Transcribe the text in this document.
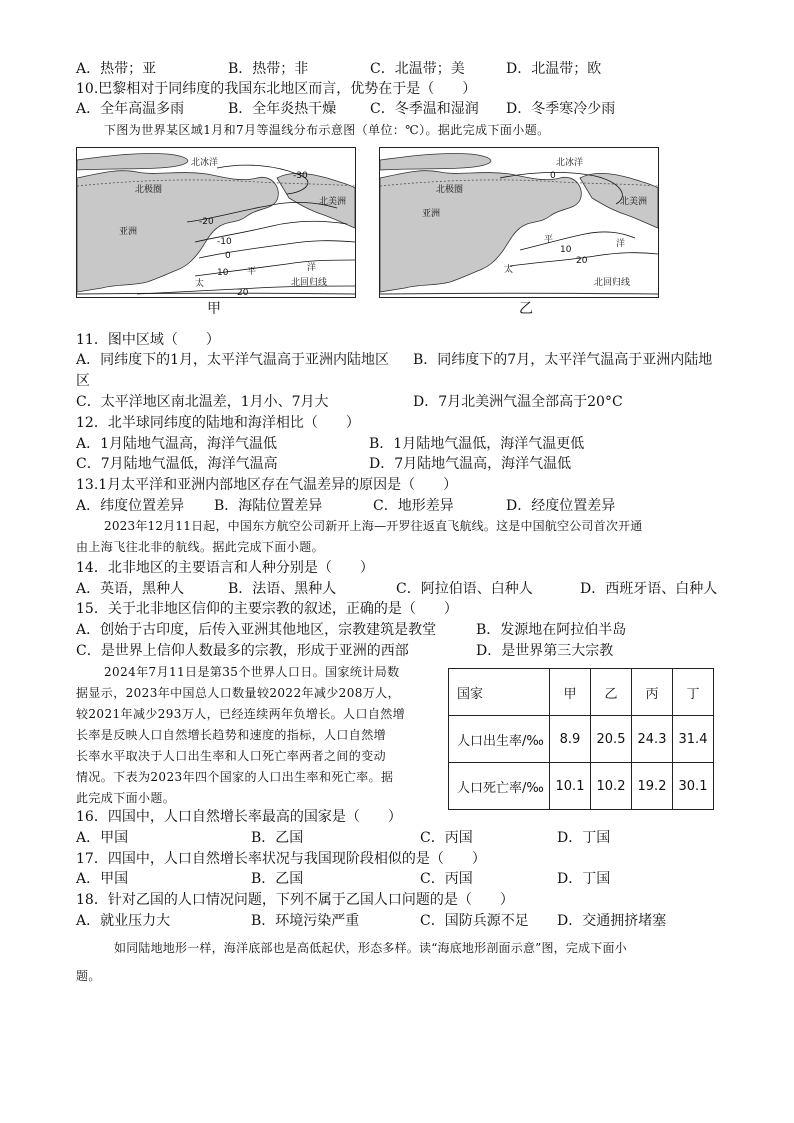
A．热带；亚	B．热带；非	C．北温带；美	D．北温带；欧
10.巴黎相对于同纬度的我国东北地区而言，优势在于是（　　）
A．全年高温多雨	B．全年炎热干燥 C．冬季温和湿润 D．冬季寒冷少雨
下图为世界某区域1月和7月等温线分布示意图（单位：℃）。据此完成下面小题。
北冰洋
北极圈
北美洲
亚洲
太
平	洋
北回归线
-30
-20
-10
0
10
20
甲
北冰洋
北极圈
北美洲
亚洲
太
平	洋
北回归线
0
10
20
乙
11．图中区域（　　）
A．同纬度下的1月，太平洋气温高于亚洲内陆地区 B．同纬度下的7月，太平洋气温高于亚洲内陆地
区
C．太平洋地区南北温差，1月小、7月大	D．7月北美洲气温全部高于20°C
12．北半球同纬度的陆地和海洋相比（　　）
A．1月陆地气温高，海洋气温低	B．1月陆地气温低，海洋气温更低
C．7月陆地气温低，海洋气温高	D．7月陆地气温高，海洋气温低
13.1月太平洋和亚洲内部地区存在气温差异的原因是（　　）
A．纬度位置差异 B．海陆位置差异	C．地形差异	D．经度位置差异
2023年12月11日起，中国东方航空公司新开上海—开罗往返直飞航线。这是中国航空公司首次开通
由上海飞往北非的航线。据此完成下面小题。
14．北非地区的主要语言和人种分别是（　　）
A．英语，黑种人	B．法语、黑种人	C．阿拉伯语、白种人	D．西班牙语、白种人
15．关于北非地区信仰的主要宗教的叙述，正确的是（　　）
A．创始于古印度，后传入亚洲其他地区，宗教建筑是教堂	B．发源地在阿拉伯半岛
C．是世界上信仰人数最多的宗教，形成于亚洲的西部	D．是世界第三大宗教
2024年7月11日是第35个世界人口日。国家统计局数
据显示，2023年中国总人口数量较2022年减少208万人，
较2021年减少293万人，已经连续两年负增长。人口自然增
长率是反映人口自然增长趋势和速度的指标，人口自然增
长率水平取决于人口出生率和人口死亡率两者之间的变动
情况。下表为2023年四个国家的人口出生率和死亡率。据
此完成下面小题。
国家	甲	乙	丙	丁
人口出生率/‰	8.9	20.5	24.3	31.4
人口死亡率/‰	10.1	10.2	19.2	30.1
16．四国中，人口自然增长率最高的国家是（　　）
A．甲国	B．乙国	C．丙国	D．丁国
17．四国中，人口自然增长率状况与我国现阶段相似的是（　　）
A．甲国	B．乙国	C．丙国	D．丁国
18．针对乙国的人口情况问题，下列不属于乙国人口问题的是（　　）
A．就业压力大	B．环境污染严重	C．国防兵源不足 D．交通拥挤堵塞
如同陆地地形一样，海洋底部也是高低起伏，形态多样。读“海底地形剖面示意”图，完成下面小
题。
